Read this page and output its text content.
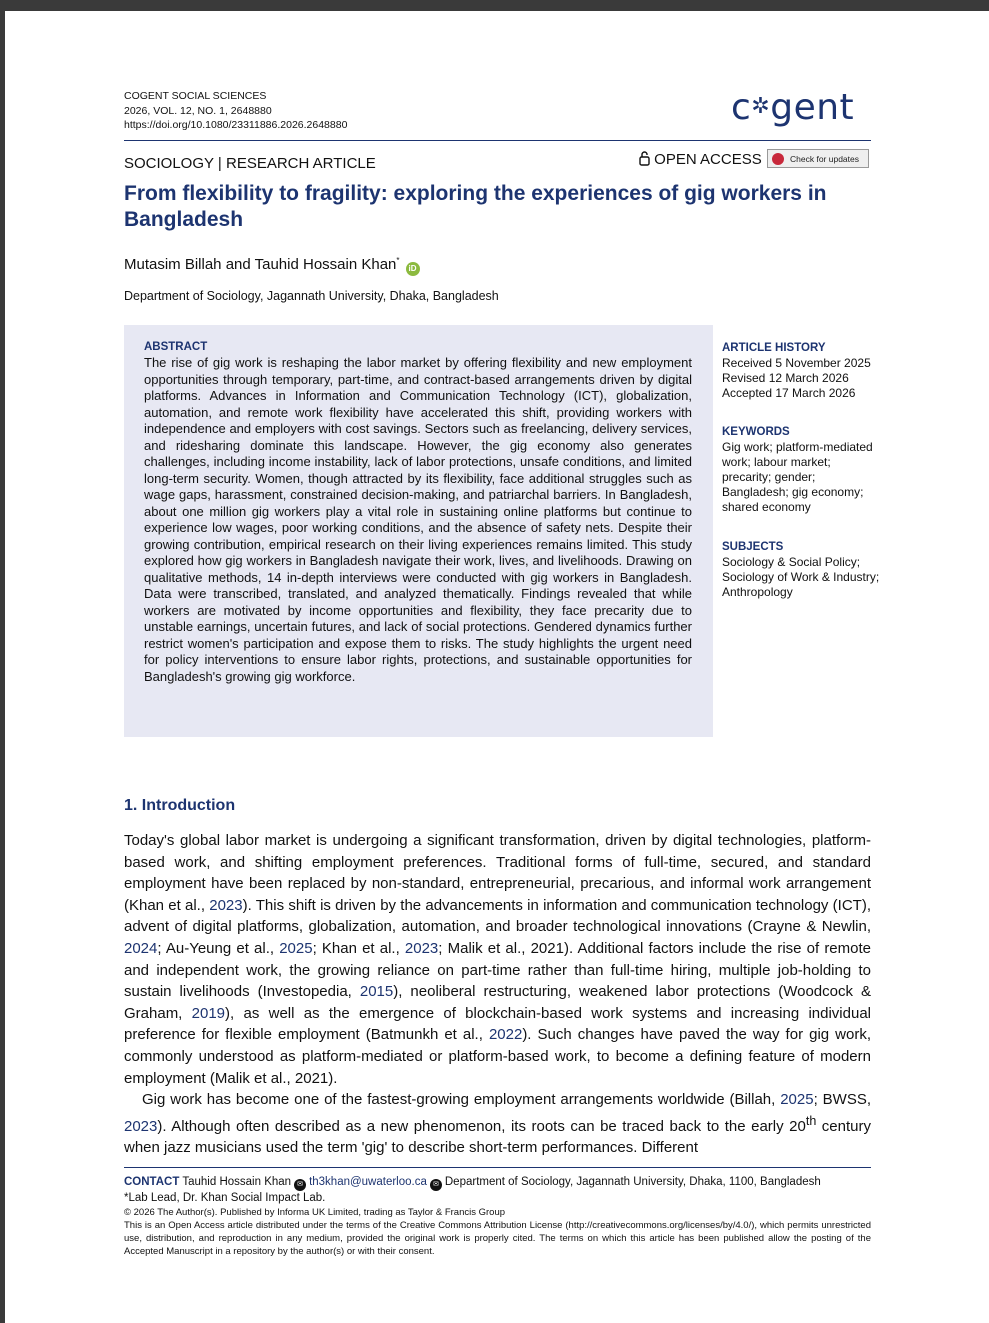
COGENT SOCIAL SCIENCES
2026, VOL. 12, NO. 1, 2648880
https://doi.org/10.1080/23311886.2026.2648880	c✲gent
SOCIOLOGY | RESEARCH ARTICLE	OPEN ACCESS	Check for updates
From flexibility to fragility: exploring the experiences of gig workers in Bangladesh
Mutasim Billah and Tauhid Hossain Khan*iD
Department of Sociology, Jagannath University, Dhaka, Bangladesh
ABSTRACT
The rise of gig work is reshaping the labor market by offering flexibility and new employment opportunities through temporary, part-time, and contract-based arrangements driven by digital platforms. Advances in Information and Communication Technology (ICT), globalization, automation, and remote work flexibility have accelerated this shift, providing workers with independence and employers with cost savings. Sectors such as freelancing, delivery services, and ridesharing dominate this landscape. However, the gig economy also generates challenges, including income instability, lack of labor protections, unsafe conditions, and limited long-term security. Women, though attracted by its flexibility, face additional struggles such as wage gaps, harassment, constrained decision-making, and patriarchal barriers. In Bangladesh, about one million gig workers play a vital role in sustaining online platforms but continue to experience low wages, poor working conditions, and the absence of safety nets. Despite their growing contribution, empirical research on their living experiences remains limited. This study explored how gig workers in Bangladesh navigate their work, lives, and livelihoods. Drawing on qualitative methods, 14 in-depth interviews were conducted with gig workers in Bangladesh. Data were transcribed, translated, and analyzed thematically. Findings revealed that while workers are motivated by income opportunities and flexibility, they face precarity due to unstable earnings, uncertain futures, and lack of social protections. Gendered dynamics further restrict women's participation and expose them to risks. The study highlights the urgent need for policy interventions to ensure labor rights, protections, and sustainable opportunities for Bangladesh's growing gig workforce.
ARTICLE HISTORY
Received 5 November 2025
Revised 12 March 2026
Accepted 17 March 2026
KEYWORDS
Gig work; platform-mediated work; labour market; precarity; gender; Bangladesh; gig economy; shared economy
SUBJECTS
Sociology & Social Policy; Sociology of Work & Industry; Anthropology
1. Introduction

Today's global labor market is undergoing a significant transformation, driven by digital technologies, platform-based work, and shifting employment preferences. Traditional forms of full-time, secured, and standard employment have been replaced by non-standard, entrepreneurial, precarious, and informal work arrangement (Khan et al., 2023). This shift is driven by the advancements in information and communication technology (ICT), advent of digital platforms, globalization, automation, and broader technological innovations (Crayne & Newlin, 2024; Au-Yeung et al., 2025; Khan et al., 2023; Malik et al., 2021). Additional factors include the rise of remote and independent work, the growing reliance on part-time rather than full-time hiring, multiple job-holding to sustain livelihoods (Investopedia, 2015), neoliberal restructuring, weakened labor protections (Woodcock & Graham, 2019), as well as the emergence of blockchain-based work systems and increasing individual preference for flexible employment (Batmunkh et al., 2022). Such changes have paved the way for gig work, commonly understood as platform-mediated or platform-based work, to become a defining feature of modern employment (Malik et al., 2021).

Gig work has become one of the fastest-growing employment arrangements worldwide (Billah, 2025; BWSS, 2023). Although often described as a new phenomenon, its roots can be traced back to the early 20th century when jazz musicians used the term 'gig' to describe short-term performances. Different

CONTACT Tauhid Hossain Khan ✉ th3khan@uwaterloo.ca ✉ Department of Sociology, Jagannath University, Dhaka, 1100, Bangladesh
*Lab Lead, Dr. Khan Social Impact Lab.
© 2026 The Author(s). Published by Informa UK Limited, trading as Taylor & Francis Group
This is an Open Access article distributed under the terms of the Creative Commons Attribution License (http://creativecommons.org/licenses/by/4.0/), which permits unrestricted use, distribution, and reproduction in any medium, provided the original work is properly cited. The terms on which this article has been published allow the posting of the Accepted Manuscript in a repository by the author(s) or with their consent.
